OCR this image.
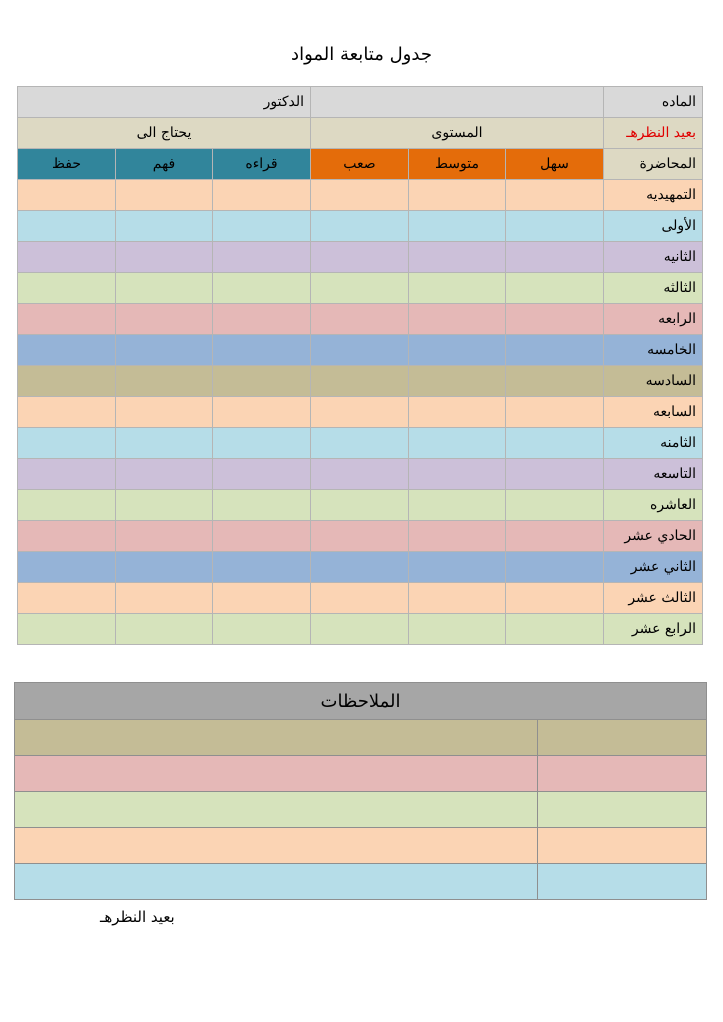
جدول متابعة المواد
الدكتور						الماده
يحتاج الى			المستوى			بعيد النظرهـ
حفظ	فهم	قراءه	صعب	متوسط	سهل	المحاضرة
						التمهيديه
						الأولى
						الثانيه
						الثالثه
						الرابعه
						الخامسه
						السادسه
						السابعه
						الثامنه
						التاسعه
						العاشره
						الحادي عشر
						الثاني عشر
						الثالث عشر
						الرابع عشر
الملاحظات	

بعيد النظرهـ
